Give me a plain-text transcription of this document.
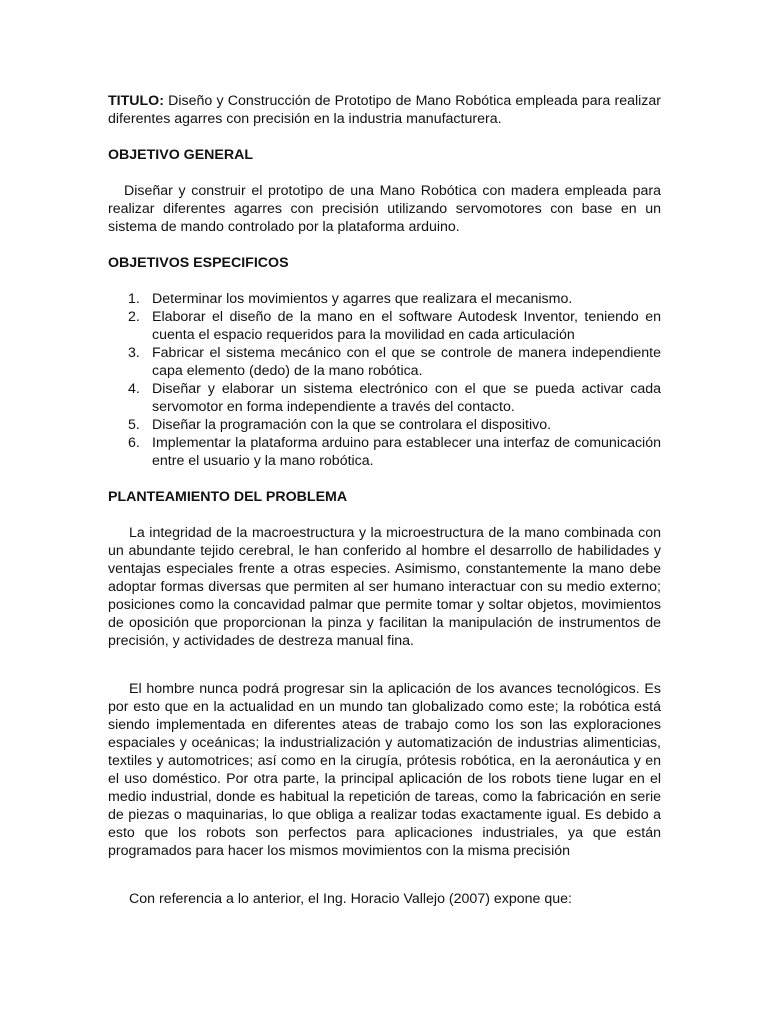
TITULO: Diseño y Construcción de Prototipo de Mano Robótica empleada para realizar diferentes agarres con precisión en la industria manufacturera.

OBJETIVO GENERAL

Diseñar y construir el prototipo de una Mano Robótica con madera empleada para realizar diferentes agarres con precisión utilizando servomotores con base en un sistema de mando controlado por la plataforma arduino.

OBJETIVOS ESPECIFICOS

1. Determinar los movimientos y agarres que realizara el mecanismo.
2. Elaborar el diseño de la mano en el software Autodesk Inventor, teniendo en cuenta el espacio requeridos para la movilidad en cada articulación
3. Fabricar el sistema mecánico con el que se controle de manera independiente capa elemento (dedo) de la mano robótica.
4. Diseñar y elaborar un sistema electrónico con el que se pueda activar cada servomotor en forma independiente a través del contacto.
5. Diseñar la programación con la que se controlara el dispositivo.
6. Implementar la plataforma arduino para establecer una interfaz de comunicación entre el usuario y la mano robótica.

PLANTEAMIENTO DEL PROBLEMA

La integridad de la macroestructura y la microestructura de la mano combinada con un abundante tejido cerebral, le han conferido al hombre el desarrollo de habilidades y ventajas especiales frente a otras especies. Asimismo, constantemente la mano debe adoptar formas diversas que permiten al ser humano interactuar con su medio externo; posiciones como la concavidad palmar que permite tomar y soltar objetos, movimientos de oposición que proporcionan la pinza y facilitan la manipulación de instrumentos de precisión, y actividades de destreza manual fina.

El hombre nunca podrá progresar sin la aplicación de los avances tecnológicos. Es por esto que en la actualidad en un mundo tan globalizado como este; la robótica está siendo implementada en diferentes ateas de trabajo como los son las exploraciones espaciales y oceánicas; la industrialización y automatización de industrias alimenticias, textiles y automotrices; así como en la cirugía, prótesis robótica, en la aeronáutica y en el uso doméstico. Por otra parte, la principal aplicación de los robots tiene lugar en el medio industrial, donde es habitual la repetición de tareas, como la fabricación en serie de piezas o maquinarias, lo que obliga a realizar todas exactamente igual. Es debido a esto que los robots son perfectos para aplicaciones industriales, ya que están programados para hacer los mismos movimientos con la misma precisión

Con referencia a lo anterior, el Ing. Horacio Vallejo (2007) expone que:
